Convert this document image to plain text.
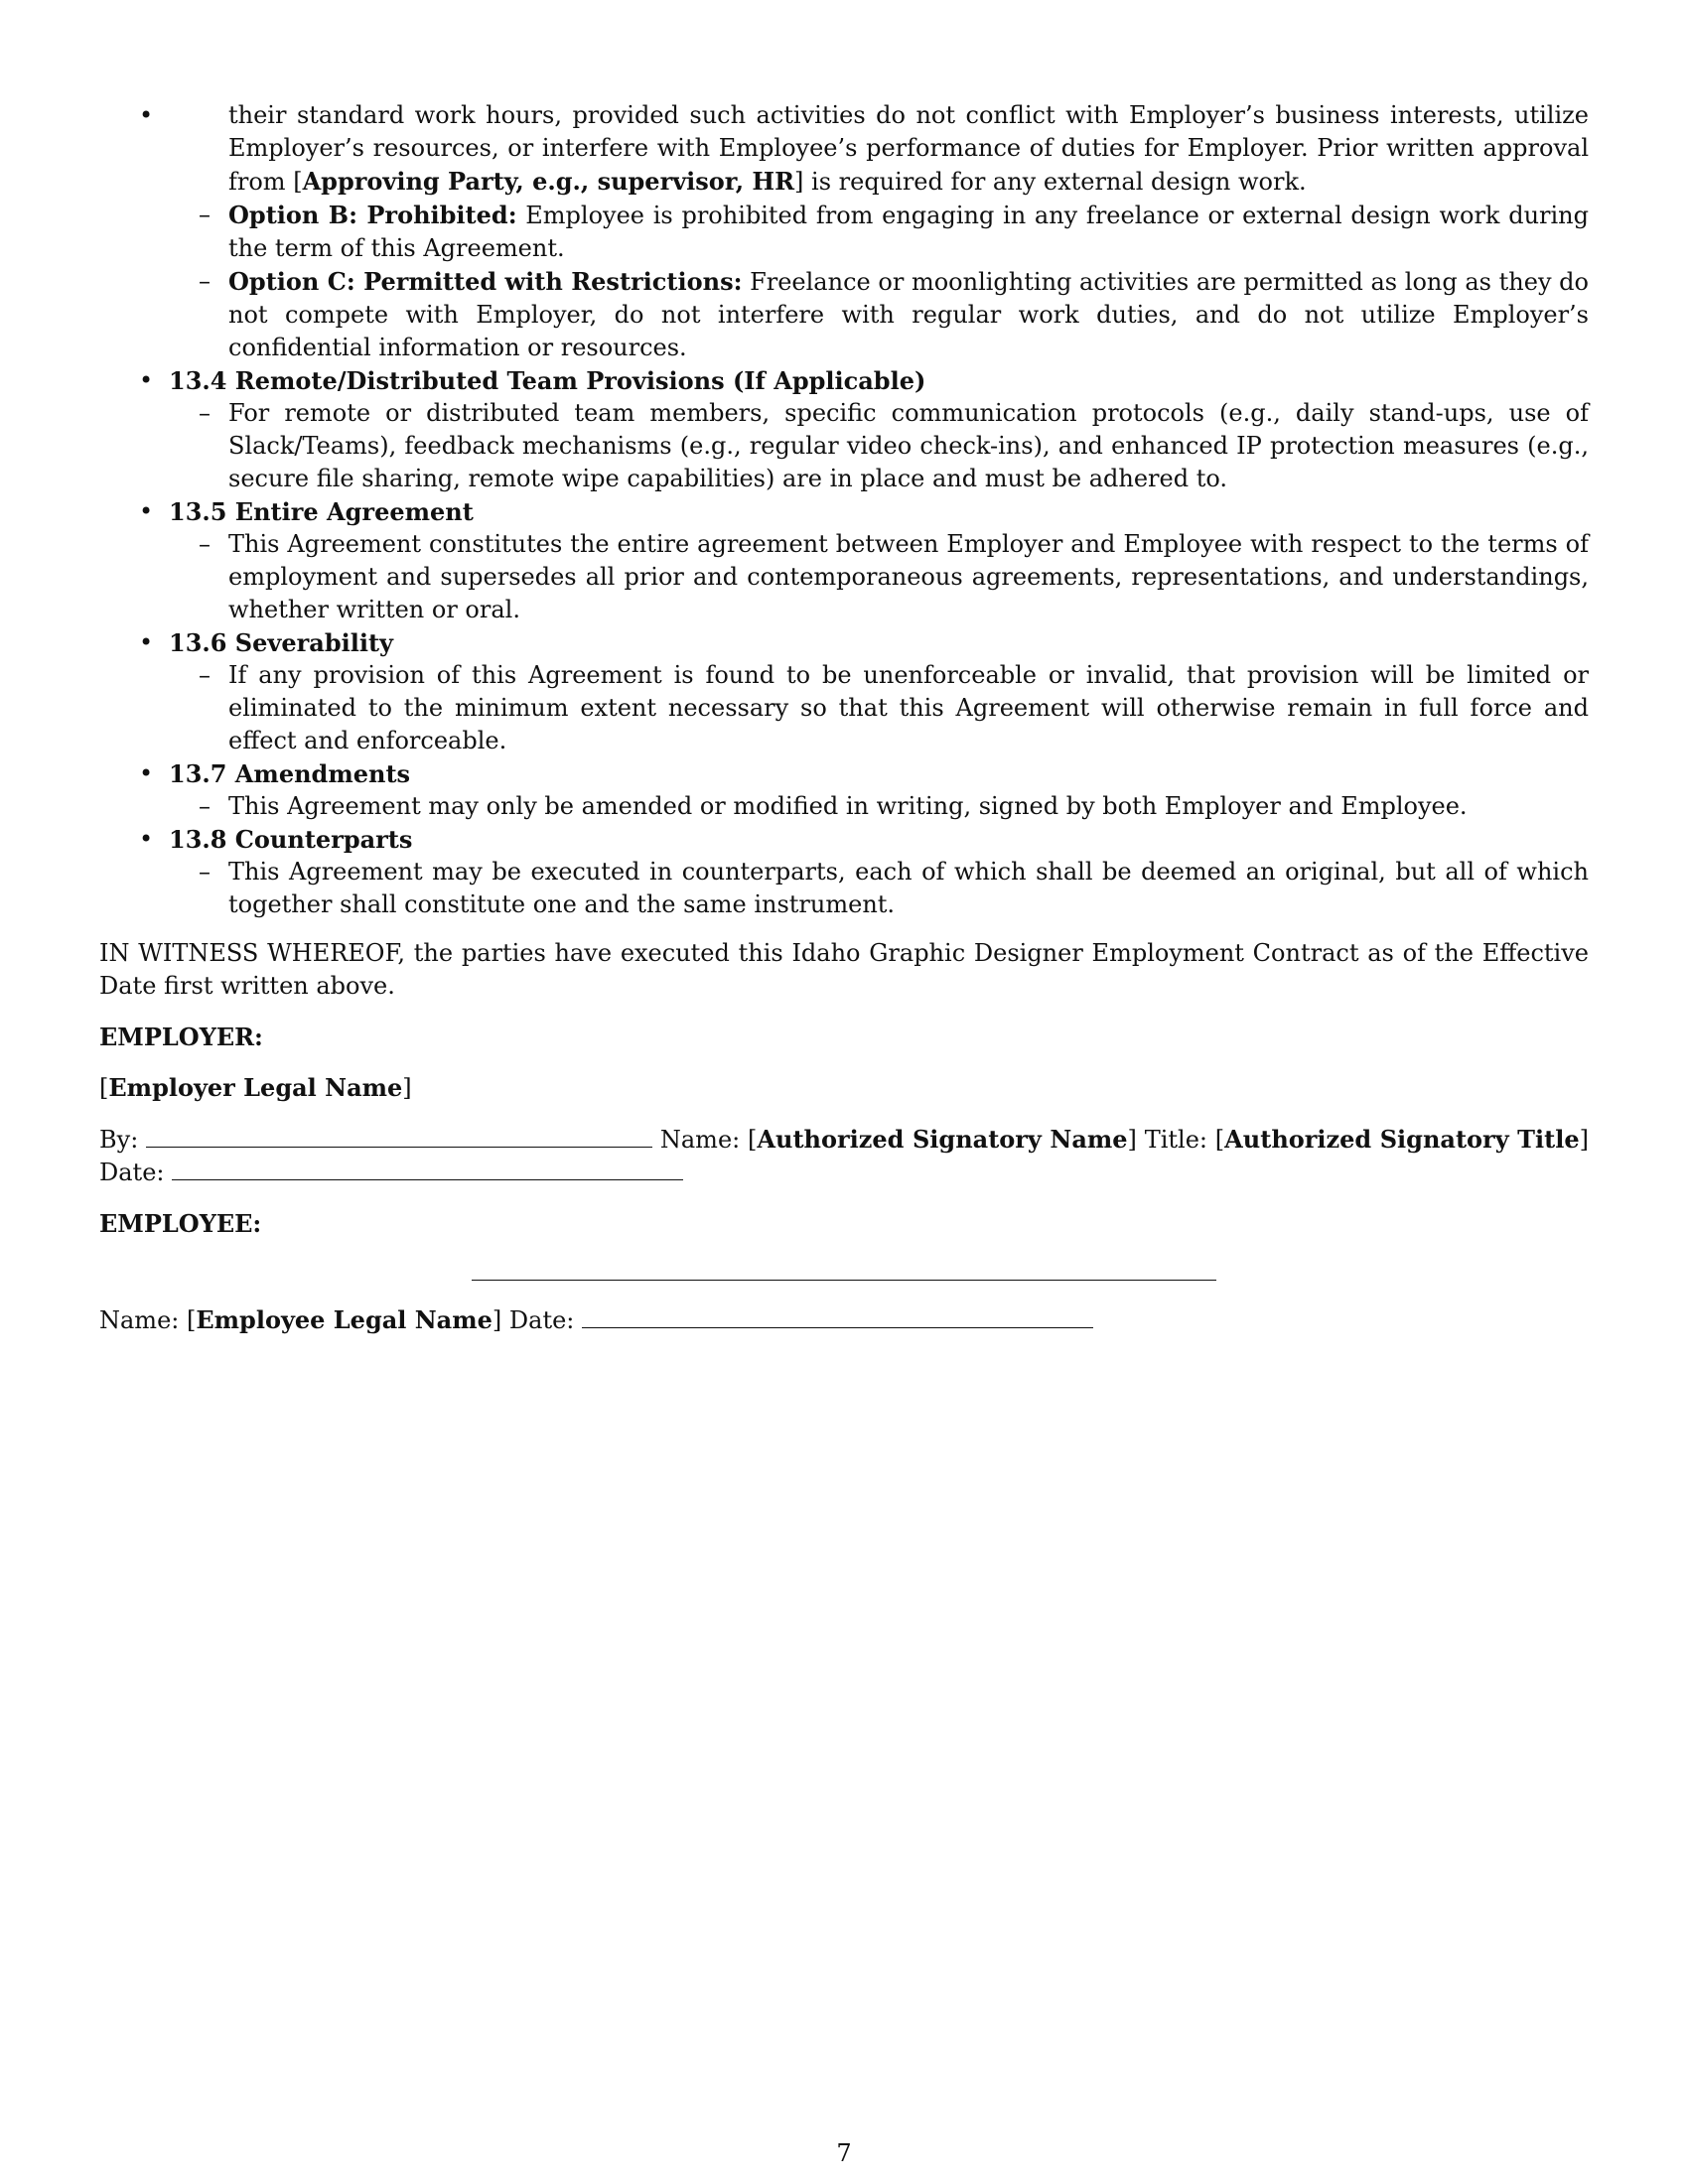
• their standard work hours, provided such activities do not conflict with Employer’s business interests, utilize Employer’s resources, or interfere with Employee’s performance of duties for Employer. Prior written approval from [Approving Party, e.g., supervisor, HR] is required for any external design work.
– Option B: Prohibited: Employee is prohibited from engaging in any freelance or external design work during the term of this Agreement.
– Option C: Permitted with Restrictions: Freelance or moonlighting activities are permitted as long as they do not compete with Employer, do not interfere with regular work duties, and do not utilize Employer’s confidential information or resources.
• 13.4 Remote/Distributed Team Provisions (If Applicable)
– For remote or distributed team members, specific communication protocols (e.g., daily stand-ups, use of Slack/Teams), feedback mechanisms (e.g., regular video check-ins), and enhanced IP protection measures (e.g., secure file sharing, remote wipe capabilities) are in place and must be adhered to.
• 13.5 Entire Agreement
– This Agreement constitutes the entire agreement between Employer and Employee with respect to the terms of employment and supersedes all prior and contemporaneous agreements, representations, and understandings, whether written or oral.
• 13.6 Severability
– If any provision of this Agreement is found to be unenforceable or invalid, that provision will be limited or eliminated to the minimum extent necessary so that this Agreement will otherwise remain in full force and effect and enforceable.
• 13.7 Amendments
– This Agreement may only be amended or modified in writing, signed by both Employer and Employee.
• 13.8 Counterparts
– This Agreement may be executed in counterparts, each of which shall be deemed an original, but all of which together shall constitute one and the same instrument.

IN WITNESS WHEREOF, the parties have executed this Idaho Graphic Designer Employment Contract as of the Effective Date first written above.

EMPLOYER:

[Employer Legal Name]

By:	Name: [Authorized Signatory Name] Title: [Authorized Signatory Title] Date:

EMPLOYEE:

Name: [Employee Legal Name] Date:

7
